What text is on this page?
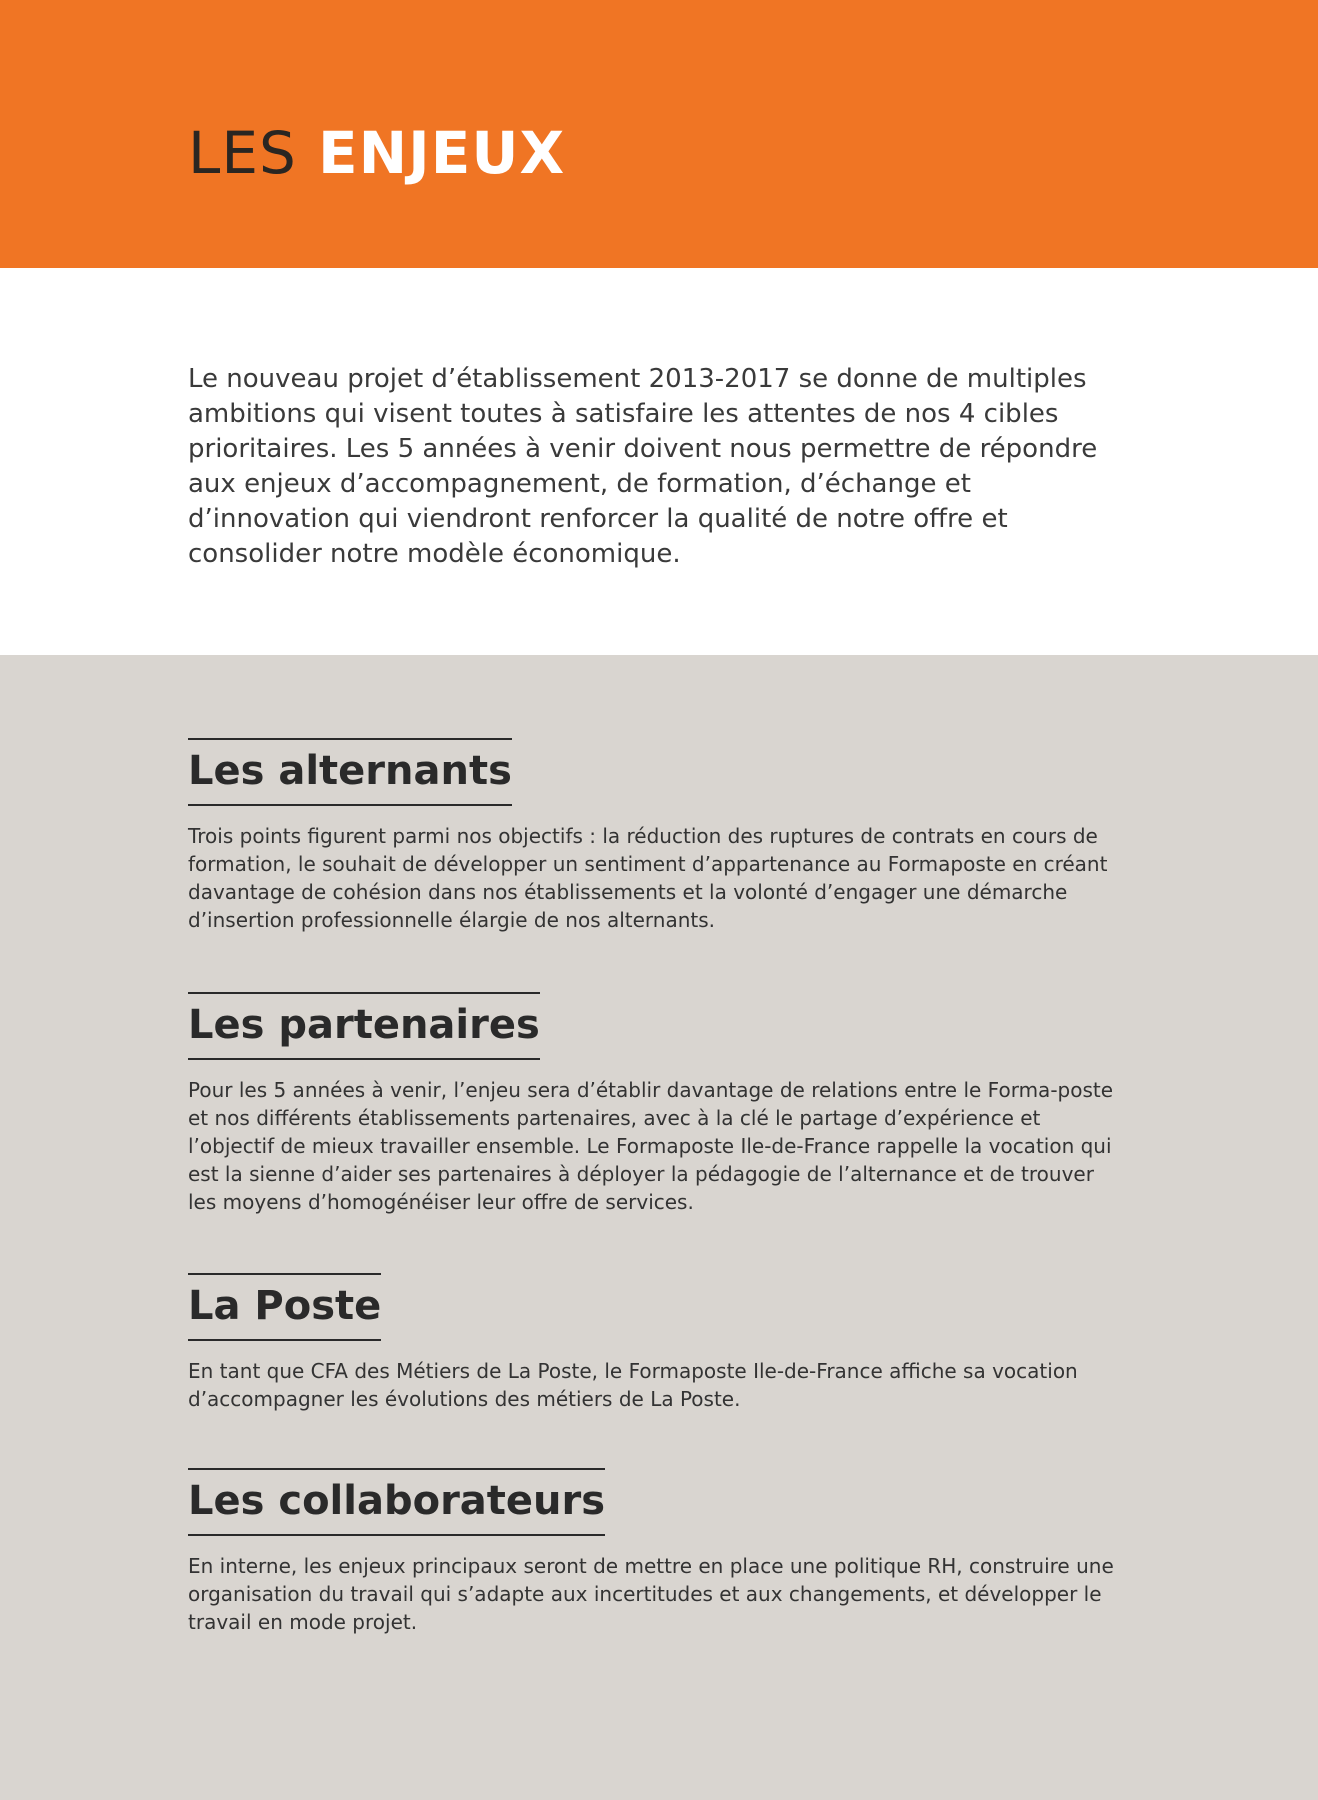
LES ENJEUX

Le nouveau projet d’établissement 2013-2017 se donne de multiples ambitions qui visent toutes à satisfaire les attentes de nos 4 cibles prioritaires. Les 5 années à venir doivent nous permettre de répondre aux enjeux d’accompagnement, de formation, d’échange et d’innovation qui viendront renforcer la qualité de notre offre et consolider notre modèle économique.

Les alternants

Trois points figurent parmi nos objectifs : la réduction des ruptures de contrats en cours de formation, le souhait de développer un sentiment d’appartenance au Formaposte en créant davantage de cohésion dans nos établissements et la volonté d’engager une démarche d’insertion professionnelle élargie de nos alternants.

Les partenaires

Pour les 5 années à venir, l’enjeu sera d’établir davantage de relations entre le Forma-poste et nos différents établissements partenaires, avec à la clé le partage d’expérience et l’objectif de mieux travailler ensemble. Le Formaposte Ile-de-France rappelle la vocation qui est la sienne d’aider ses partenaires à déployer la pédagogie de l’alternance et de trouver les moyens d’homogénéiser leur offre de services.

La Poste

En tant que CFA des Métiers de La Poste, le Formaposte Ile-de-France affiche sa vocation d’accompagner les évolutions des métiers de La Poste.

Les collaborateurs

En interne, les enjeux principaux seront de mettre en place une politique RH, construire une organisation du travail qui s’adapte aux incertitudes et aux changements, et développer le travail en mode projet.
